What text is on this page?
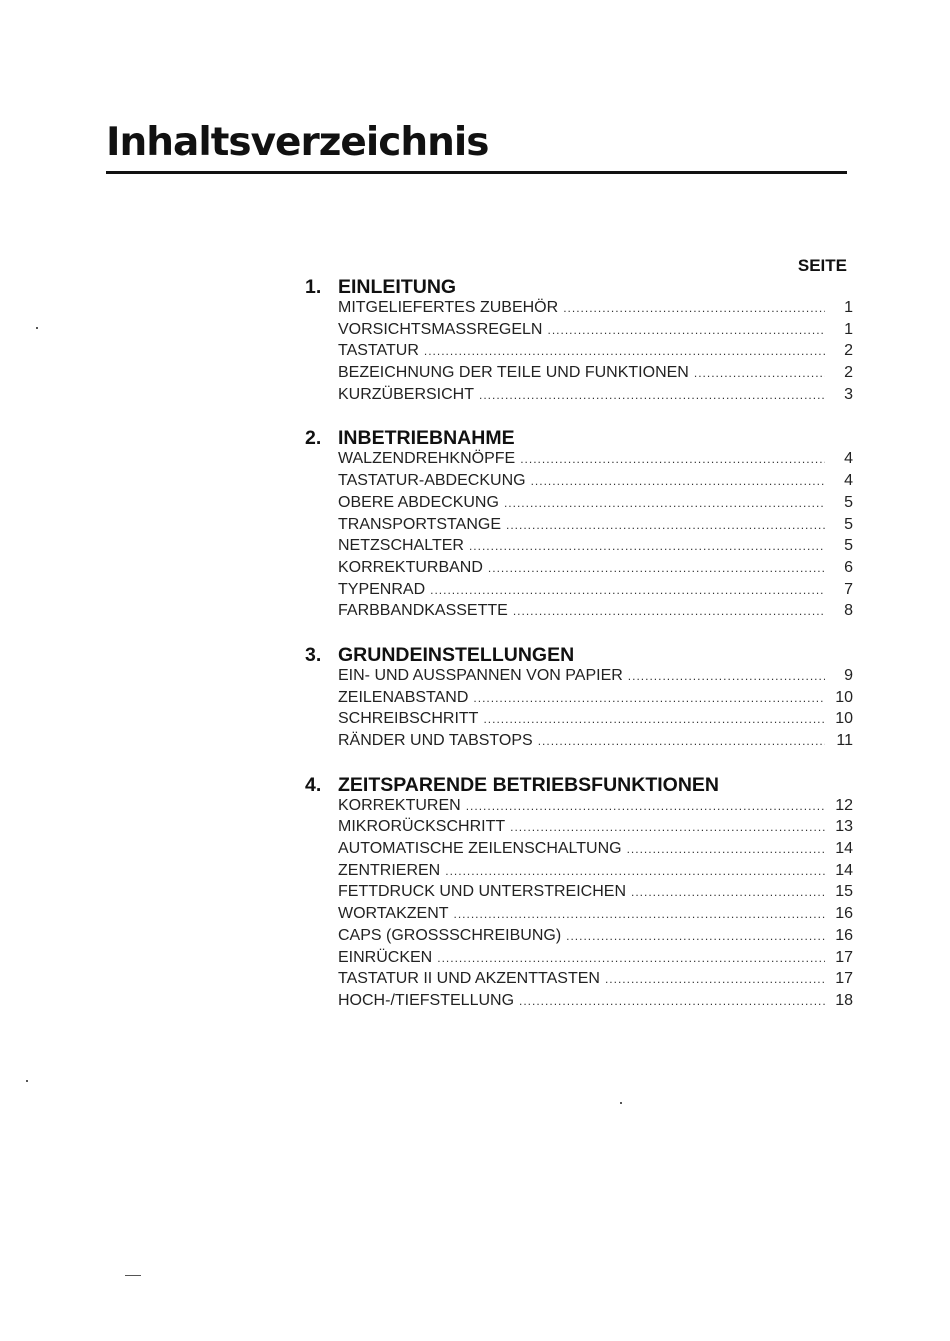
Inhaltsverzeichnis
SEITE
1. EINLEITUNG
MITGELIEFERTES ZUBEHÖR .....	1
VORSICHTSMASSREGELN .....	1
TASTATUR .....	2
BEZEICHNUNG DER TEILE UND FUNKTIONEN .....	2
KURZÜBERSICHT .....	3
2. INBETRIEBNAHME
WALZENDREHKNÖPFE .....	4
TASTATUR-ABDECKUNG .....	4
OBERE ABDECKUNG .....	5
TRANSPORTSTANGE .....	5
NETZSCHALTER .....	5
KORREKTURBAND .....	6
TYPENRAD .....	7
FARBBANDKASSETTE .....	8
3. GRUNDEINSTELLUNGEN
EIN- UND AUSSPANNEN VON PAPIER .....	9
ZEILENABSTAND .....	10
SCHREIBSCHRITT .....	10
RÄNDER UND TABSTOPS .....	11
4. ZEITSPARENDE BETRIEBSFUNKTIONEN
KORREKTUREN .....	12
MIKRORÜCKSCHRITT .....	13
AUTOMATISCHE ZEILENSCHALTUNG .....	14
ZENTRIEREN .....	14
FETTDRUCK UND UNTERSTREICHEN .....	15
WORTAKZENT .....	16
CAPS (GROSSSCHREIBUNG) .....	16
EINRÜCKEN .....	17
TASTATUR II UND AKZENTTASTEN .....	17
HOCH-/TIEFSTELLUNG .....	18
